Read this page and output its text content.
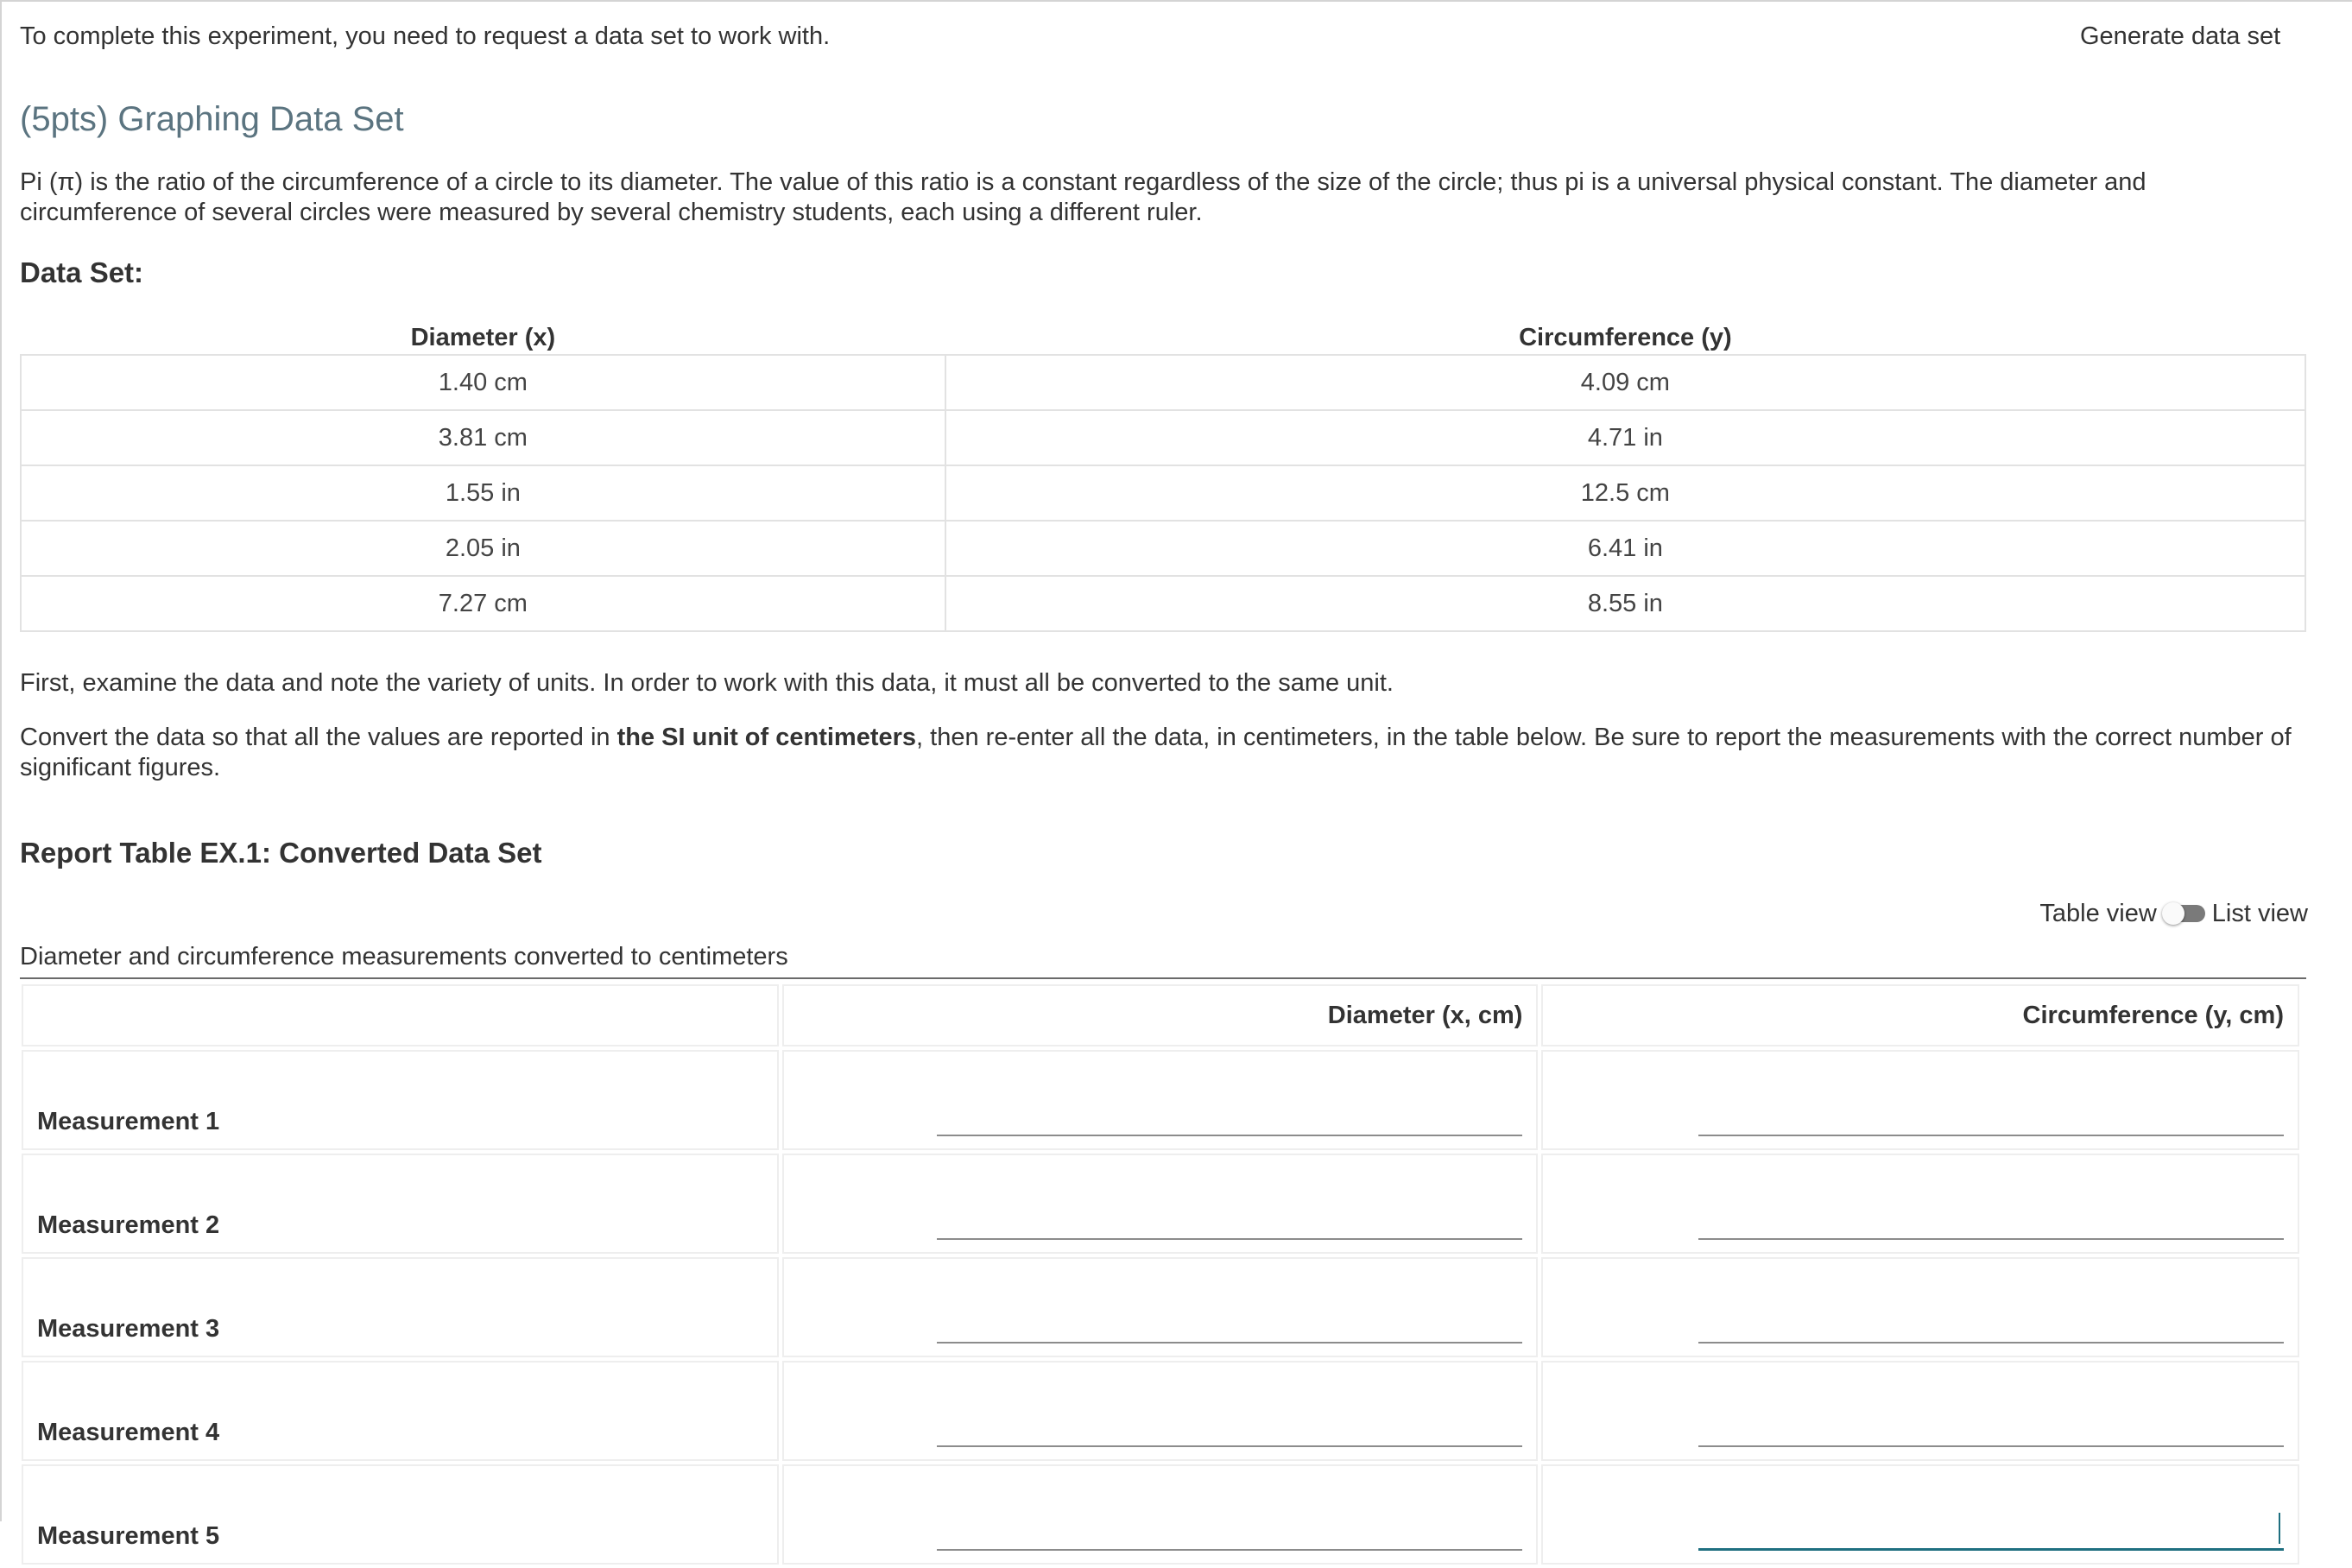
To complete this experiment, you need to request a data set to work with.	Generate data set
(5pts) Graphing Data Set

Pi (π) is the ratio of the circumference of a circle to its diameter. The value of this ratio is a constant regardless of the size of the circle; thus pi is a universal physical constant. The diameter and circumference of several circles were measured by several chemistry students, each using a different ruler.

Data Set:
Diameter (x)	Circumference (y)
1.40 cm	4.09 cm
3.81 cm	4.71 in
1.55 in	12.5 cm
2.05 in	6.41 in
7.27 cm	8.55 in

First, examine the data and note the variety of units. In order to work with this data, it must all be converted to the same unit.

Convert the data so that all the values are reported in the SI unit of centimeters, then re-enter all the data, in centimeters, in the table below. Be sure to report the measurements with the correct number of significant figures.

Report Table EX.1: Converted Data Set
Table view List view

Diameter and circumference measurements converted to centimeters

	Diameter (x, cm)	Circumference (y, cm)
Measurement 1	

Measurement 2	

Measurement 3	

Measurement 4	

Measurement 5	
